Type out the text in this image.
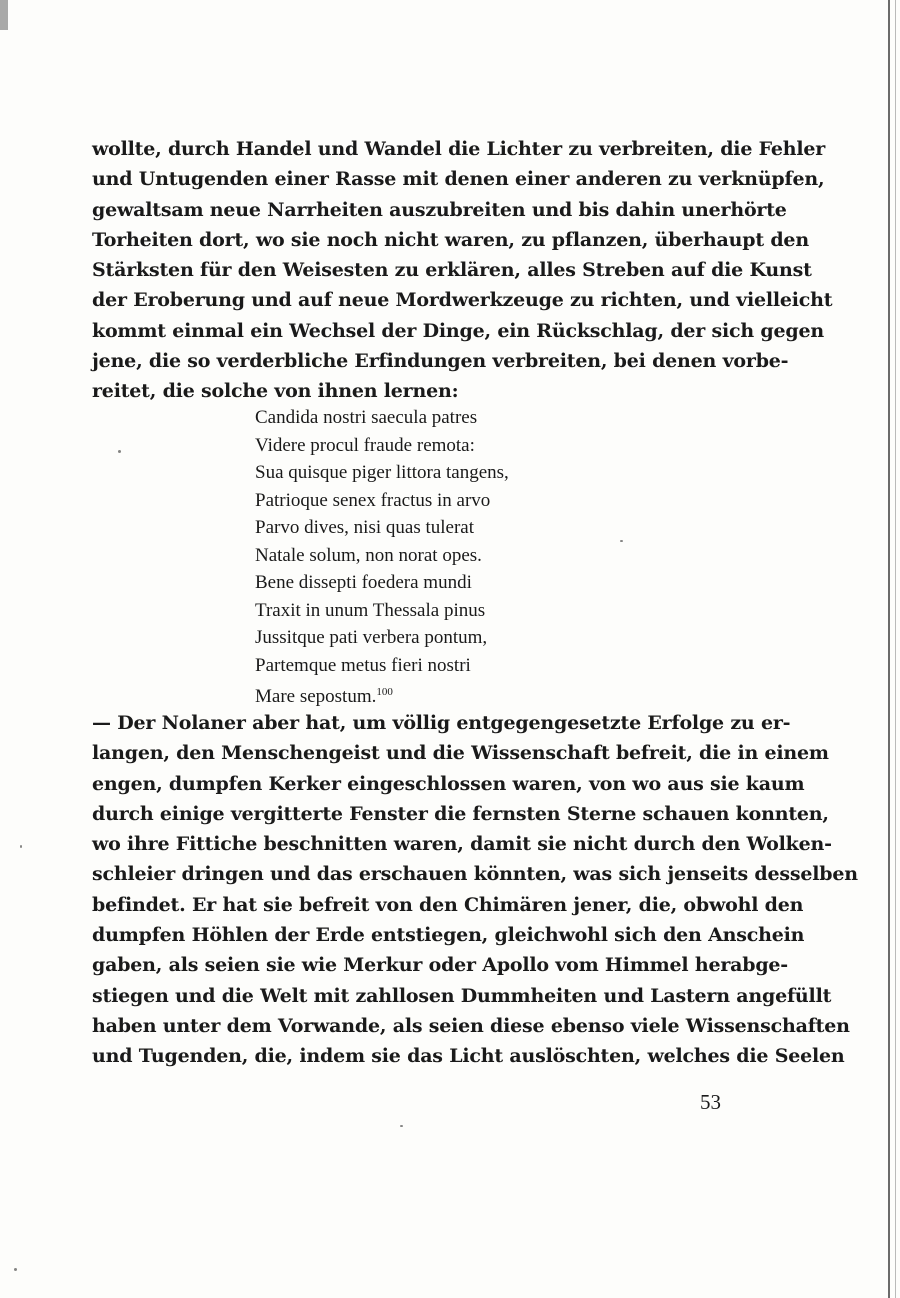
wollte, durch Handel und Wandel die Lichter zu verbreiten, die Fehler
und Untugenden einer Rasse mit denen einer anderen zu verknüpfen,
gewaltsam neue Narrheiten auszubreiten und bis dahin unerhörte
Torheiten dort, wo sie noch nicht waren, zu pflanzen, überhaupt den
Stärksten für den Weisesten zu erklären, alles Streben auf die Kunst
der Eroberung und auf neue Mordwerkzeuge zu richten, und vielleicht
kommt einmal ein Wechsel der Dinge, ein Rückschlag, der sich gegen
jene, die so verderbliche Erfindungen verbreiten, bei denen vorbe-
reitet, die solche von ihnen lernen:
Candida nostri saecula patres
Videre procul fraude remota:
Sua quisque piger littora tangens,
Patrioque senex fractus in arvo
Parvo dives, nisi quas tulerat
Natale solum, non norat opes.
Bene dissepti foedera mundi
Traxit in unum Thessala pinus
Jussitque pati verbera pontum,
Partemque metus fieri nostri
Mare sepostum.$^{100}$
— Der Nolaner aber hat, um völlig entgegengesetzte Erfolge zu er-
langen, den Menschengeist und die Wissenschaft befreit, die in einem
engen, dumpfen Kerker eingeschlossen waren, von wo aus sie kaum
durch einige vergitterte Fenster die fernsten Sterne schauen konnten,
wo ihre Fittiche beschnitten waren, damit sie nicht durch den Wolken-
schleier dringen und das erschauen könnten, was sich jenseits desselben
befindet. Er hat sie befreit von den Chimären jener, die, obwohl den
dumpfen Höhlen der Erde entstiegen, gleichwohl sich den Anschein
gaben, als seien sie wie Merkur oder Apollo vom Himmel herabge-
stiegen und die Welt mit zahllosen Dummheiten und Lastern angefüllt
haben unter dem Vorwande, als seien diese ebenso viele Wissenschaften
und Tugenden, die, indem sie das Licht auslöschten, welches die Seelen
53
